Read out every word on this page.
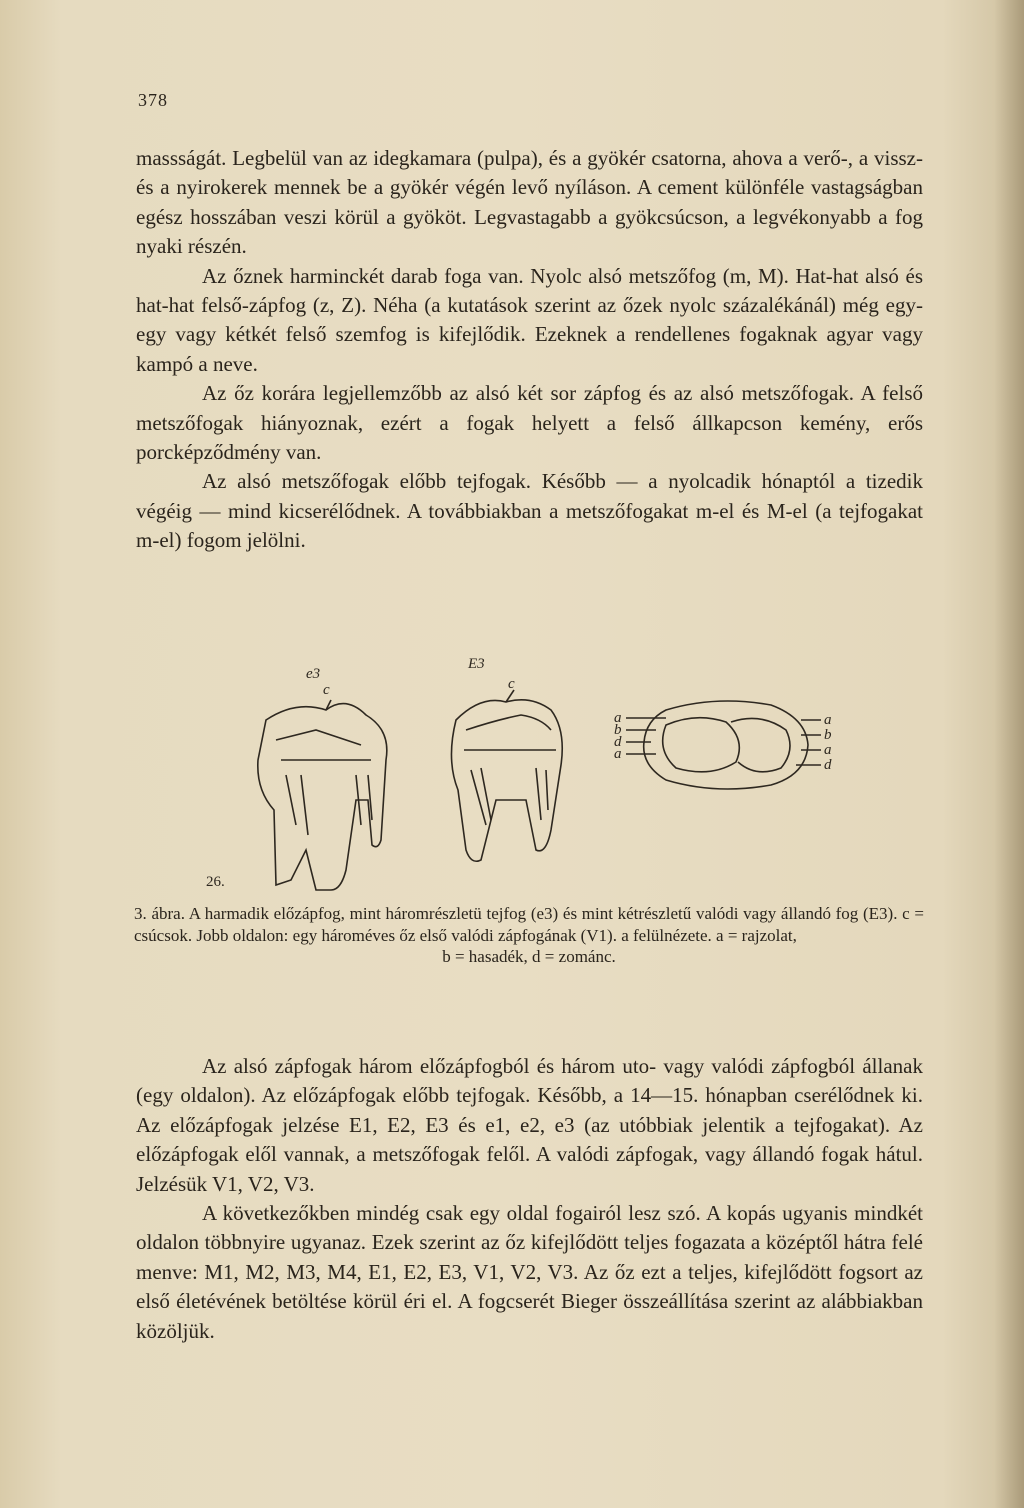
378

massságát. Legbelül van az idegkamara (pulpa), és a gyökér csatorna, ahova a verő-, a vissz- és a nyirokerek mennek be a gyökér végén levő nyíláson. A cement különféle vastagságban egész hosszában veszi körül a gyököt. Legvastagabb a gyökcsúcson, a legvékonyabb a fog nyaki részén.

Az őznek harminckét darab foga van. Nyolc alsó metszőfog (m, M). Hat-hat alsó és hat-hat felső-zápfog (z, Z). Néha (a kutatások szerint az őzek nyolc százalékánál) még egy-egy vagy kétkét felső szemfog is kifejlődik. Ezeknek a rendellenes fogaknak agyar vagy kampó a neve.

Az őz korára legjellemzőbb az alsó két sor zápfog és az alsó metszőfogak. A felső metszőfogak hiányoznak, ezért a fogak helyett a felső állkapcson kemény, erős porcképződmény van.

Az alsó metszőfogak előbb tejfogak. Később — a nyolcadik hónaptól a tizedik végéig — mind kicserélődnek. A továbbiakban a metszőfogakat m-el és M-el (a tejfogakat m-el) fogom jelölni.

e3
E3
c	c
a
b
d
a
a
b
a
d
26.
3. ábra. A harmadik előzápfog, mint háromrészletü tejfog (e3) és mint kétrészletű valódi vagy állandó fog (E3). c = csúcsok. Jobb oldalon: egy hároméves őz első valódi zápfogának (V1). a felülnézete. a = rajzolat,
b = hasadék, d = zománc.

Az alsó zápfogak három előzápfogból és három uto- vagy valódi zápfogból állanak (egy oldalon). Az előzápfogak előbb tejfogak. Később, a 14—15. hónapban cserélődnek ki. Az előzápfogak jelzése E1, E2, E3 és e1, e2, e3 (az utóbbiak jelentik a tejfogakat). Az előzápfogak elől vannak, a metszőfogak felől. A valódi zápfogak, vagy állandó fogak hátul. Jelzésük V1, V2, V3.

A következőkben mindég csak egy oldal fogairól lesz szó. A kopás ugyanis mindkét oldalon többnyire ugyanaz. Ezek szerint az őz kifejlődött teljes fogazata a középtől hátra felé menve: M1, M2, M3, M4, E1, E2, E3, V1, V2, V3. Az őz ezt a teljes, kifejlődött fogsort az első életévének betöltése körül éri el. A fogcserét Bieger összeállítása szerint az alábbiakban közöljük.
